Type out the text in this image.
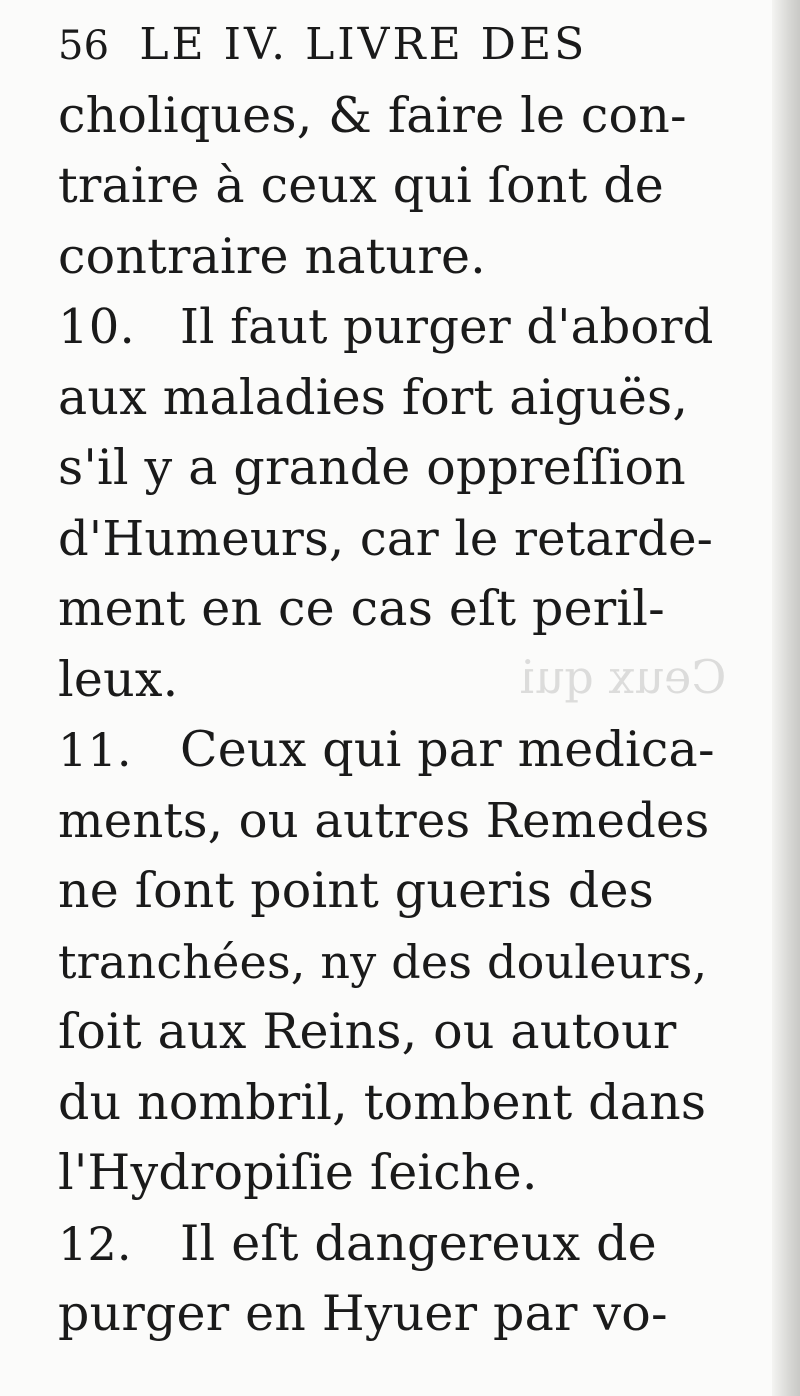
Ceux qui
56 LE IV. LIVRE DES
choliques, & faire le con-
traire à ceux qui ſont de
contraire nature.
10. Il faut purger d'abord
aux maladies fort aiguës,
s'il y a grande oppreſſion
d'Humeurs, car le retarde-
ment en ce cas eſt peril-
leux.
11. Ceux qui par medica-
ments, ou autres Remedes
ne ſont point gueris des
tranchées, ny des douleurs,
ſoit aux Reins, ou autour
du nombril, tombent dans
l'Hydropiſie ſeiche.
12. Il eſt dangereux de
purger en Hyuer par vo-
